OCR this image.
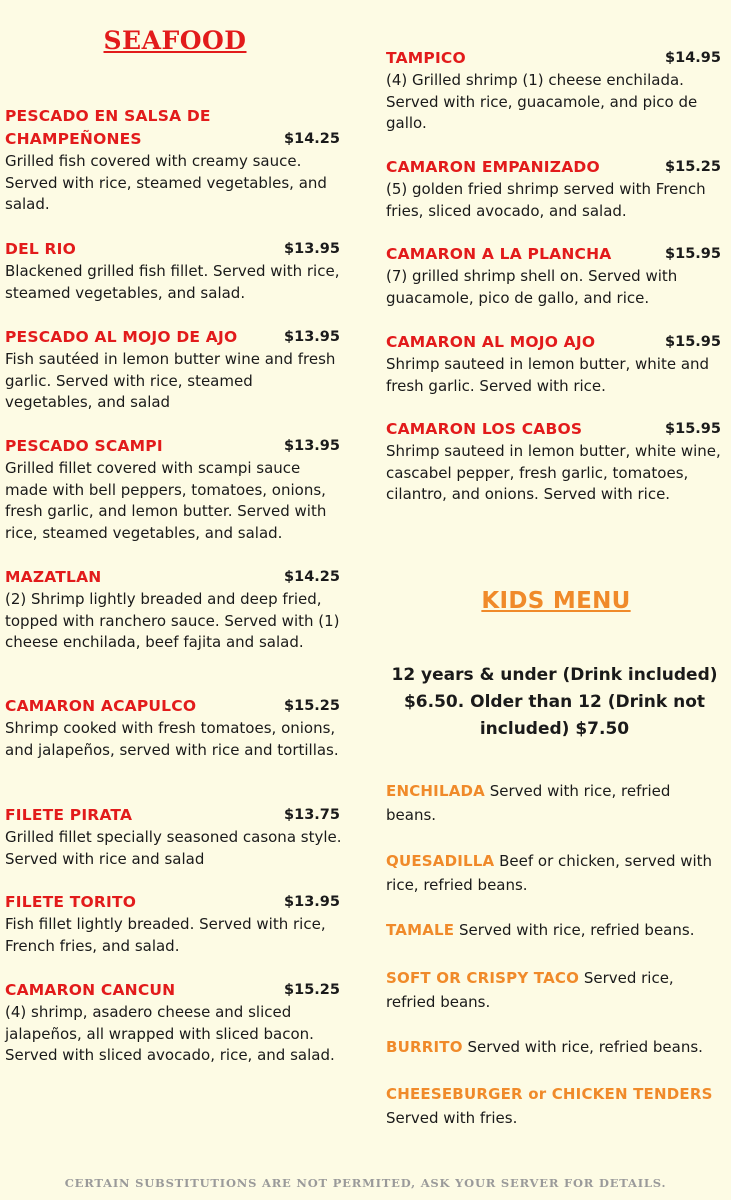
SEAFOOD
PESCADO EN SALSA DE CHAMPEÑONES	$14.25

Grilled fish covered with creamy sauce. Served with rice, steamed vegetables, and salad.

DEL RIO	$13.95

Blackened grilled fish fillet. Served with rice, steamed vegetables, and salad.

PESCADO AL MOJO DE AJO	$13.95

Fish sautéed in lemon butter wine and fresh garlic. Served with rice, steamed vegetables, and salad

PESCADO SCAMPI	$13.95

Grilled fillet covered with scampi sauce made with bell peppers, tomatoes, onions, fresh garlic, and lemon butter. Served with rice, steamed vegetables, and salad.

MAZATLAN	$14.25

(2) Shrimp lightly breaded and deep fried, topped with ranchero sauce. Served with (1) cheese enchilada, beef fajita and salad.

CAMARON ACAPULCO	$15.25

Shrimp cooked with fresh tomatoes, onions, and jalapeños, served with rice and tortillas.

FILETE PIRATA	$13.75

Grilled fillet specially seasoned casona style. Served with rice and salad

FILETE TORITO	$13.95

Fish fillet lightly breaded. Served with rice, French fries, and salad.

CAMARON CANCUN	$15.25

(4) shrimp, asadero cheese and sliced jalapeños, all wrapped with sliced bacon. Served with sliced avocado, rice, and salad.

TAMPICO	$14.95

(4) Grilled shrimp (1) cheese enchilada. Served with rice, guacamole, and pico de gallo.

CAMARON EMPANIZADO	$15.25

(5) golden fried shrimp served with French fries, sliced avocado, and salad.

CAMARON A LA PLANCHA	$15.95

(7) grilled shrimp shell on. Served with guacamole, pico de gallo, and rice.

CAMARON AL MOJO AJO	$15.95

Shrimp sauteed in lemon butter, white and fresh garlic. Served with rice.

CAMARON LOS CABOS	$15.95

Shrimp sauteed in lemon butter, white wine, cascabel pepper, fresh garlic, tomatoes, cilantro, and onions. Served with rice.

KIDS MENU
12 years & under (Drink included) $6.50. Older than 12 (Drink not included) $7.50
ENCHILADA Served with rice, refried beans.
QUESADILLA Beef or chicken, served with rice, refried beans.
TAMALE Served with rice, refried beans.
SOFT OR CRISPY TACO Served rice, refried beans.
BURRITO Served with rice, refried beans.
CHEESEBURGER or CHICKEN TENDERS Served with fries.
CERTAIN SUBSTITUTIONS ARE NOT PERMITED, ASK YOUR SERVER FOR DETAILS.
